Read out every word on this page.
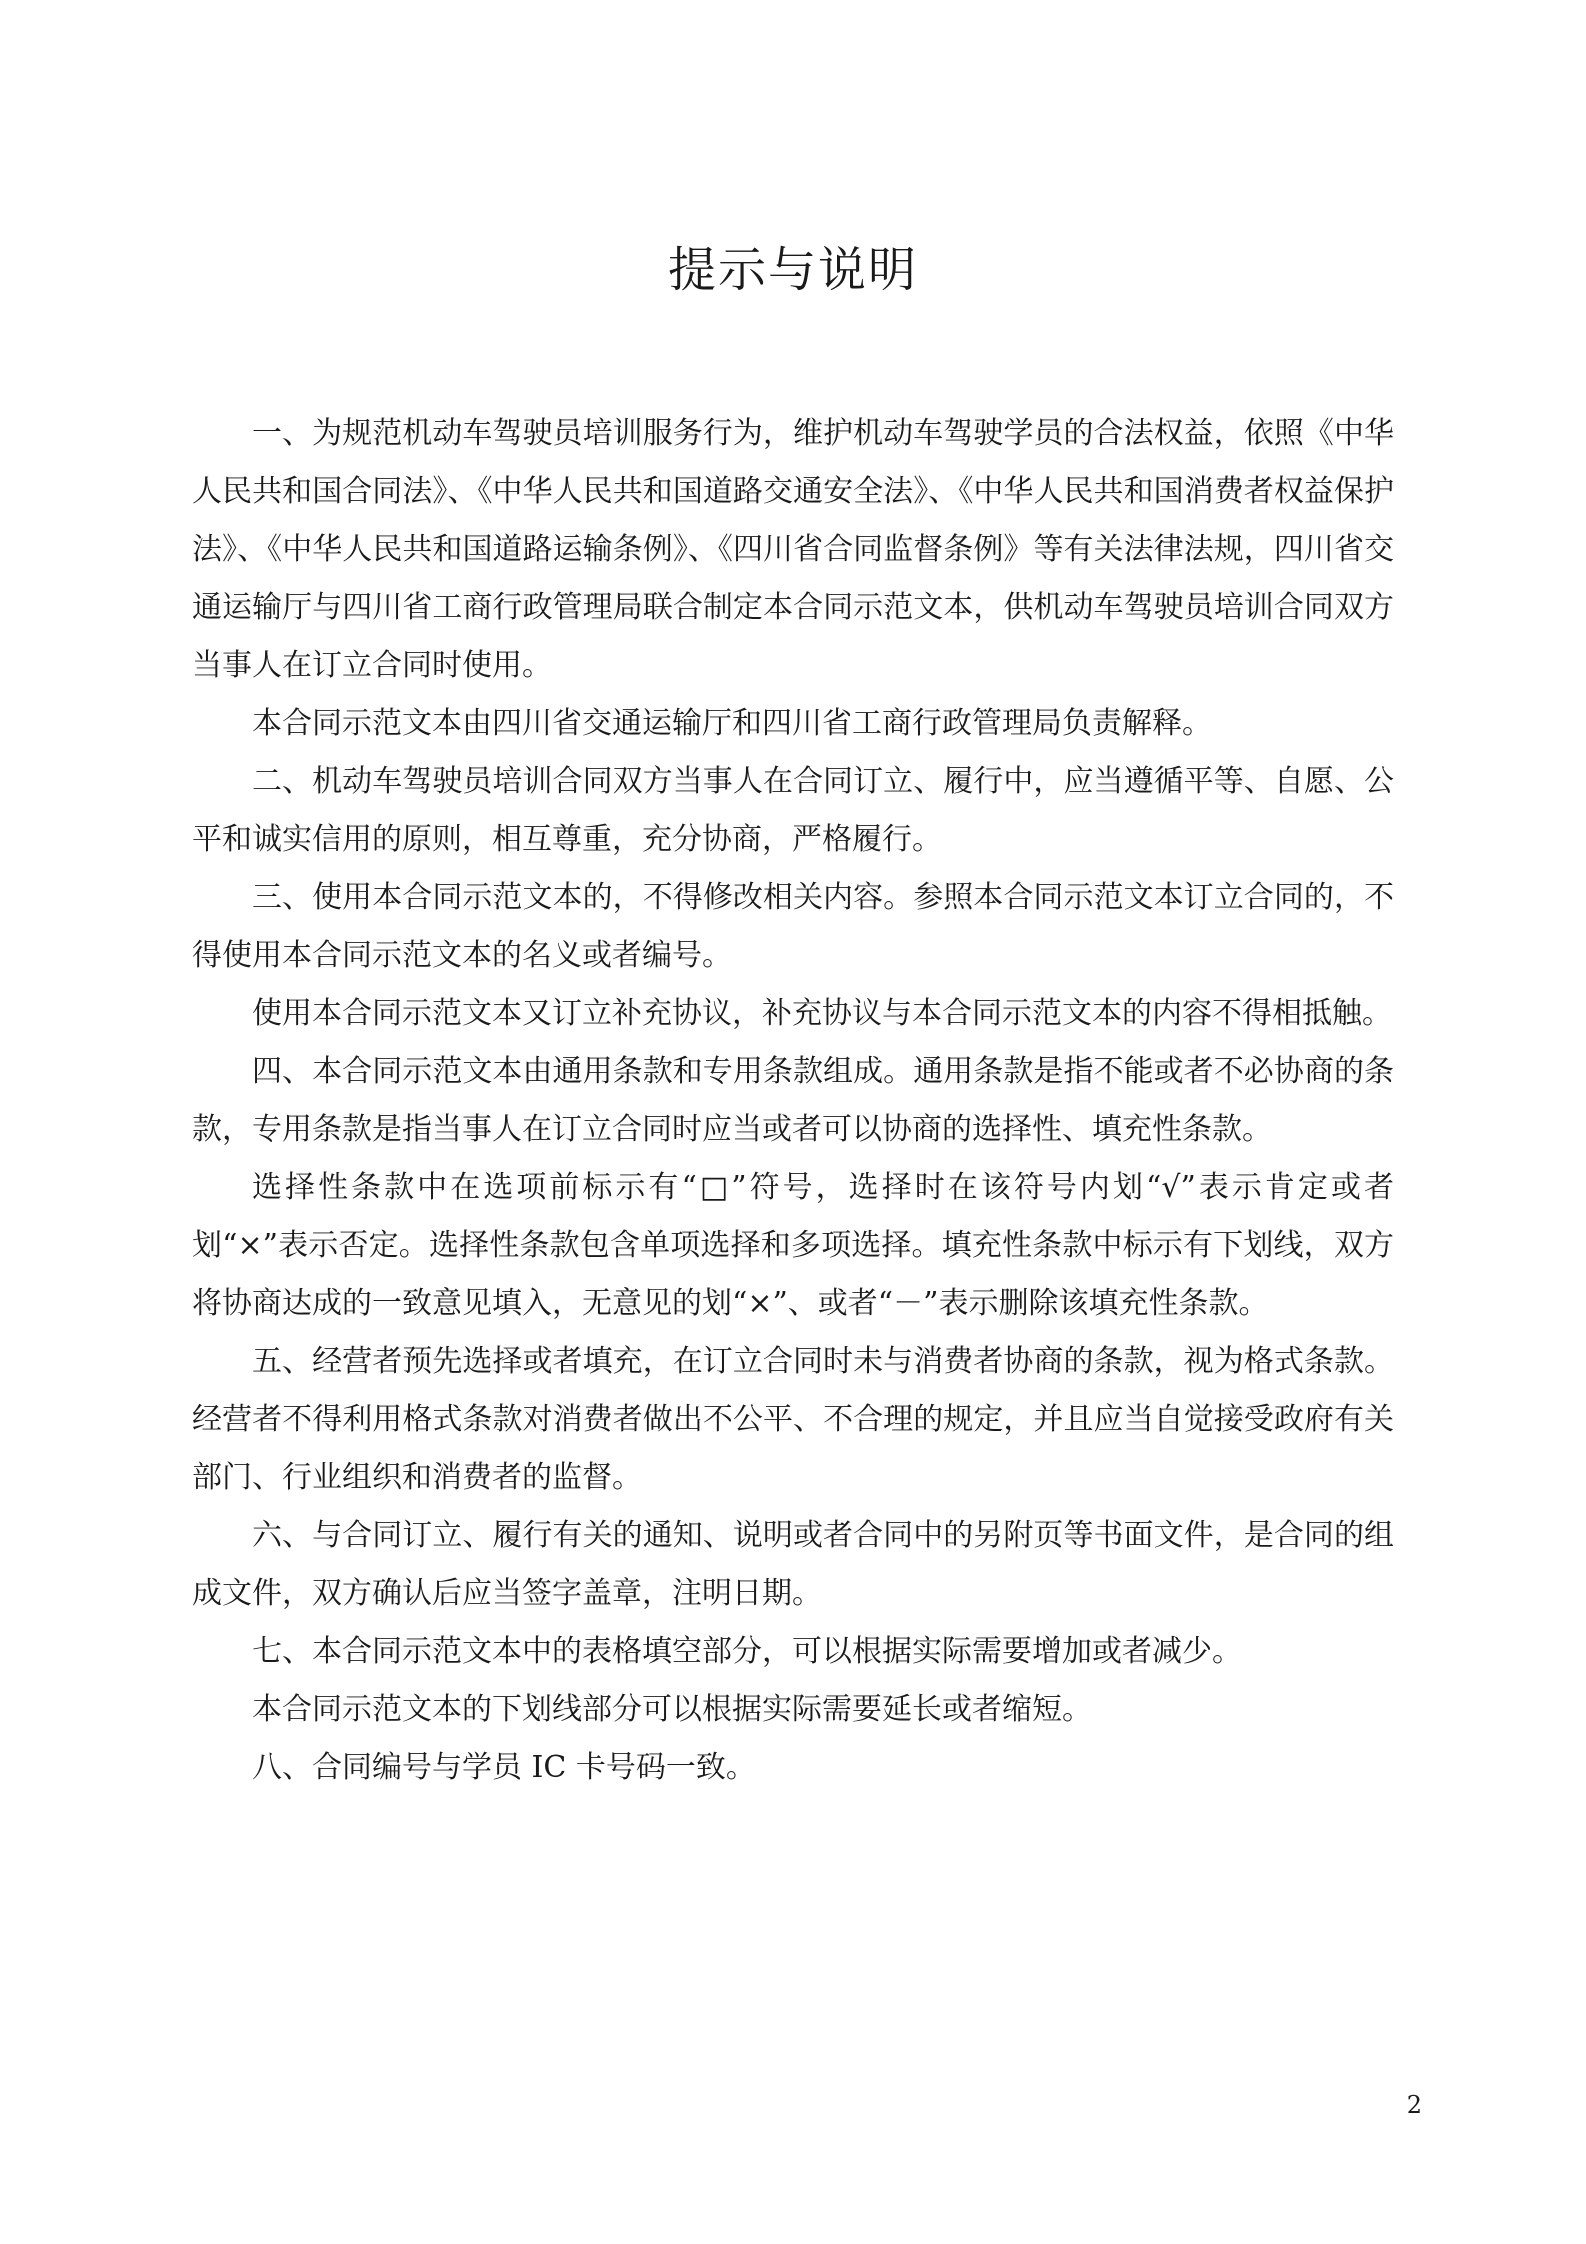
提示与说明

一、为规范机动车驾驶员培训服务行为，维护机动车驾驶学员的合法权益，依照《中华人民共和国合同法》、《中华人民共和国道路交通安全法》、《中华人民共和国消费者权益保护法》、《中华人民共和国道路运输条例》、《四川省合同监督条例》等有关法律法规，四川省交通运输厅与四川省工商行政管理局联合制定本合同示范文本，供机动车驾驶员培训合同双方当事人在订立合同时使用。

本合同示范文本由四川省交通运输厅和四川省工商行政管理局负责解释。

二、机动车驾驶员培训合同双方当事人在合同订立、履行中，应当遵循平等、自愿、公平和诚实信用的原则，相互尊重，充分协商，严格履行。

三、使用本合同示范文本的，不得修改相关内容。参照本合同示范文本订立合同的，不得使用本合同示范文本的名义或者编号。

使用本合同示范文本又订立补充协议，补充协议与本合同示范文本的内容不得相抵触。

四、本合同示范文本由通用条款和专用条款组成。通用条款是指不能或者不必协商的条款，专用条款是指当事人在订立合同时应当或者可以协商的选择性、填充性条款。

选择性条款中在选项前标示有“□”符号，选择时在该符号内划“√”表示肯定或者划“×”表示否定。选择性条款包含单项选择和多项选择。填充性条款中标示有下划线，双方将协商达成的一致意见填入，无意见的划“×”、或者“－”表示删除该填充性条款。

五、经营者预先选择或者填充，在订立合同时未与消费者协商的条款，视为格式条款。经营者不得利用格式条款对消费者做出不公平、不合理的规定，并且应当自觉接受政府有关部门、行业组织和消费者的监督。

六、与合同订立、履行有关的通知、说明或者合同中的另附页等书面文件，是合同的组成文件，双方确认后应当签字盖章，注明日期。

七、本合同示范文本中的表格填空部分，可以根据实际需要增加或者减少。

本合同示范文本的下划线部分可以根据实际需要延长或者缩短。

八、合同编号与学员 IC 卡号码一致。

2
